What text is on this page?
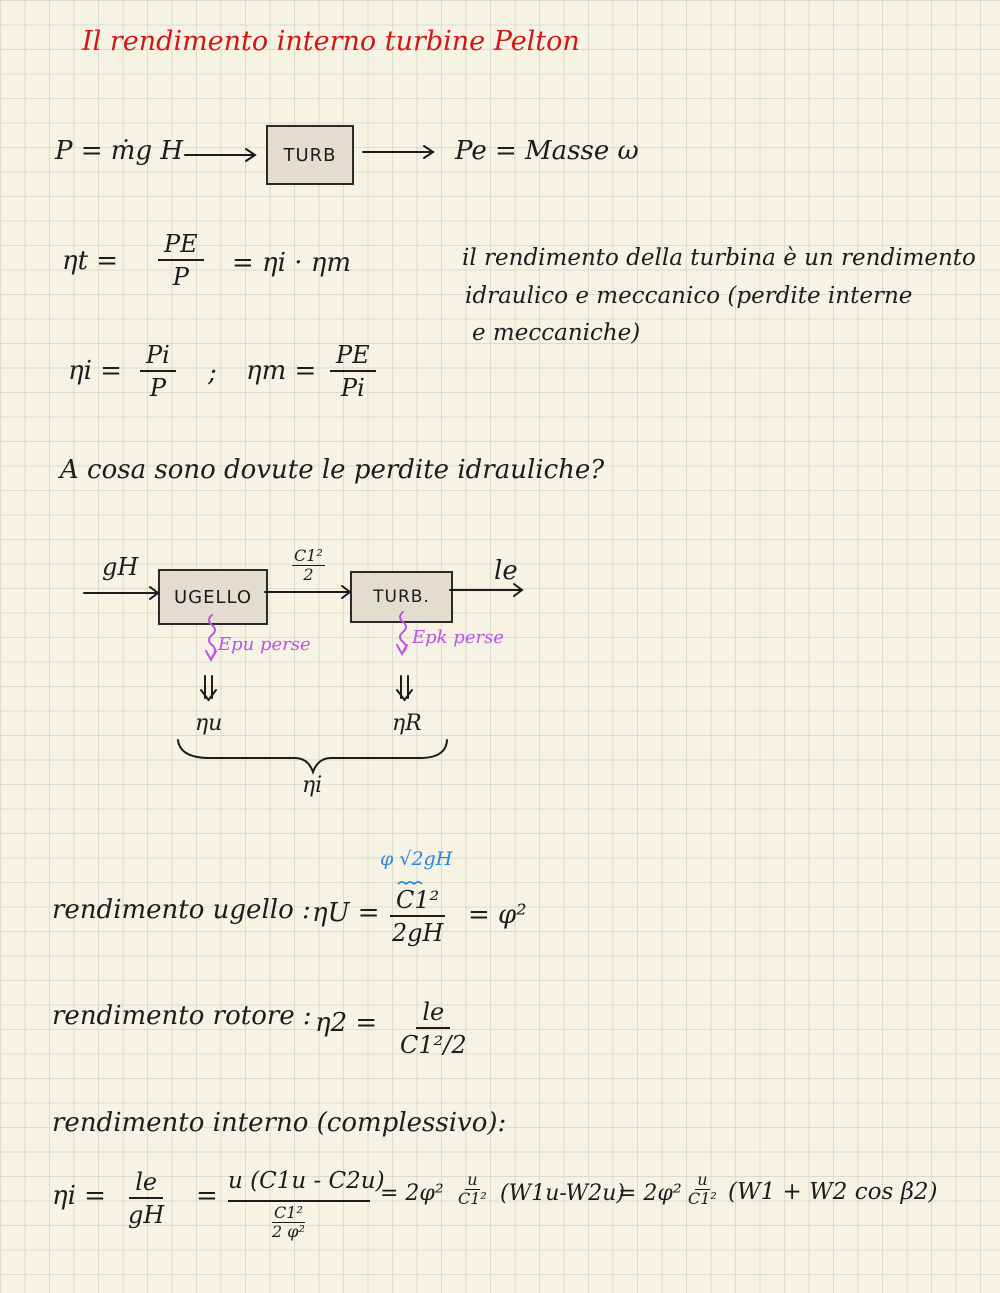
Il rendimento interno turbine Pelton
P = ṁg H	TURB	Pe = Masse ω
$\eta t = \frac{PE}{P} = \eta i \cdot \eta m$	il rendimento della turbina è un rendimento
idraulico e meccanico (perdite interne
e meccaniche)
$\eta i = \frac{Pi}{P}$ ; $\eta m = \frac{PE}{Pi}$
A cosa sono dovute le perdite idrauliche?
gH
UGELLO
$\frac{\text{C1²}}{2}$
TURB.
le
Epu perse	Epk perse
ηu	ηR
ηi
rendimento ugello : ηU =
φ √2gH
$\frac{\text{C1²}}{2gH} = \varphi^2$
rendimento rotore : $\eta 2 = \frac{le}{\text{C1²/2}}$
rendimento interno (complessivo):
$\eta i = \frac{le}{gH} = u$ (C1u - C2u)
$\frac{\text{C1²}}{\text{2 φ²}}$
= $2\varphi^2 \frac{u}{\text{C1²}} (W1u-W2u)$
= $2\varphi^2 \frac{u}{\text{C1²}} (W1 + W2$ cos β2)
